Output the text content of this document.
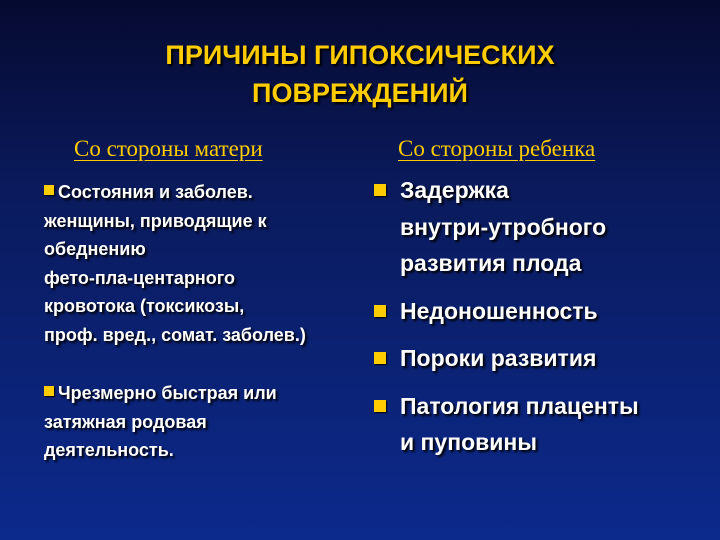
ПРИЧИНЫ ГИПОКСИЧЕСКИХ
ПОВРЕЖДЕНИЙ
Со стороны матери	Со стороны ребенка
Состояния и заболев.
женщины, приводящие к
обеднению
фето-пла-центарного
кровотока (токсикозы,
проф. вред., сомат. заболев.)
Чрезмерно быстрая или
затяжная родовая
деятельность.
Задержка
внутри-утробного
развития плода
Недоношенность
Пороки развития
Патология плаценты
и пуповины
